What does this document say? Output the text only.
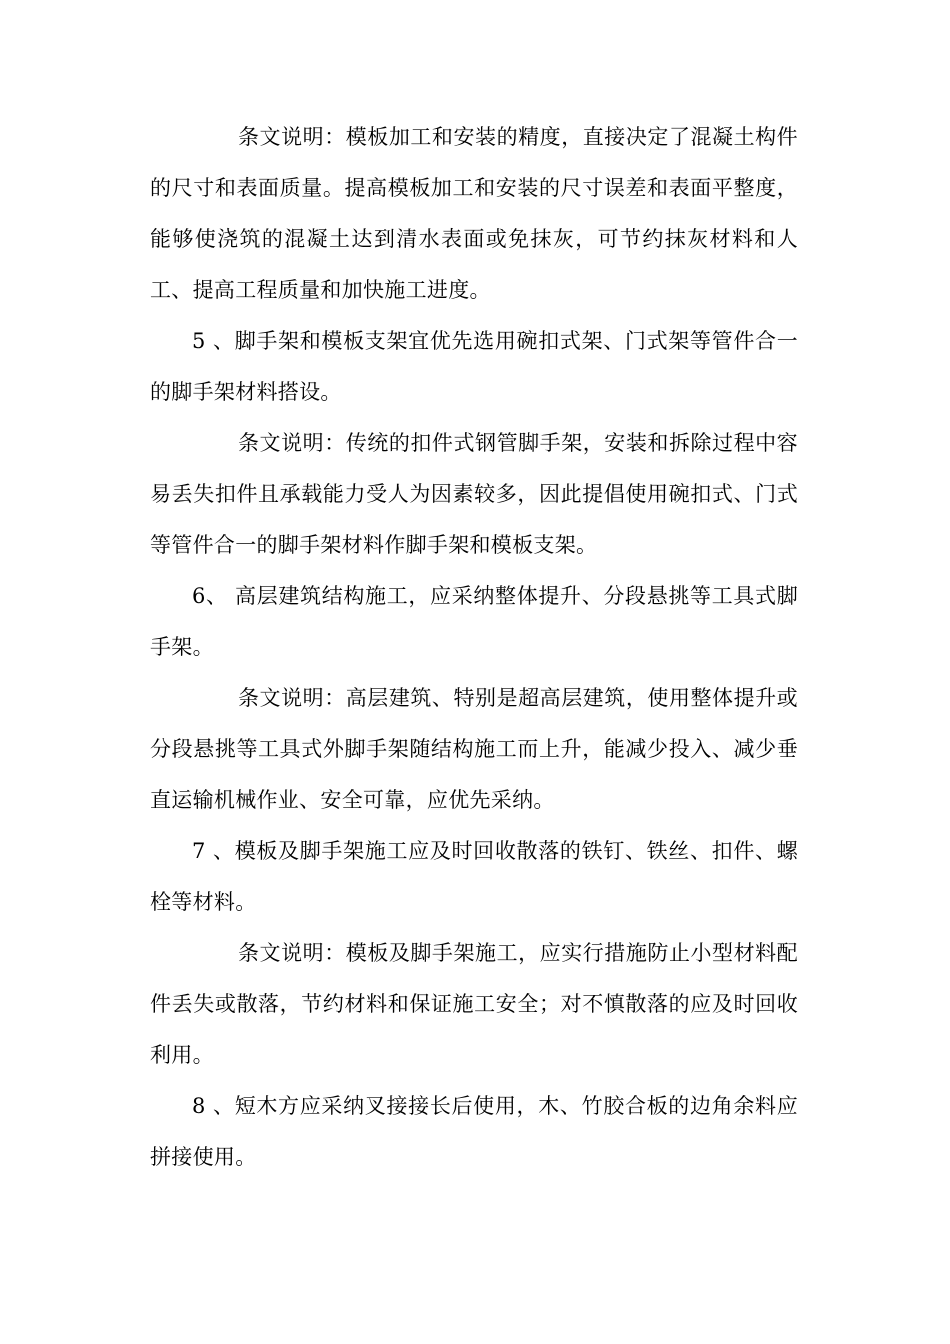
条文说明：模板加工和安装的精度，直接决定了混凝土构件的尺寸和表面质量。提高模板加工和安装的尺寸误差和表面平整度，能够使浇筑的混凝土达到清水表面或免抹灰，可节约抹灰材料和人工、提高工程质量和加快施工进度。

5 、脚手架和模板支架宜优先选用碗扣式架、门式架等管件合一的脚手架材料搭设。

条文说明：传统的扣件式钢管脚手架，安装和拆除过程中容易丢失扣件且承载能力受人为因素较多，因此提倡使用碗扣式、门式等管件合一的脚手架材料作脚手架和模板支架。

6、 高层建筑结构施工，应采纳整体提升、分段悬挑等工具式脚手架。

条文说明：高层建筑、特别是超高层建筑，使用整体提升或分段悬挑等工具式外脚手架随结构施工而上升，能减少投入、减少垂直运输机械作业、安全可靠，应优先采纳。

7 、模板及脚手架施工应及时回收散落的铁钉、铁丝、扣件、螺栓等材料。

条文说明：模板及脚手架施工，应实行措施防止小型材料配件丢失或散落，节约材料和保证施工安全；对不慎散落的应及时回收利用。

8 、短木方应采纳叉接接长后使用，木、竹胶合板的边角余料应拼接使用。
